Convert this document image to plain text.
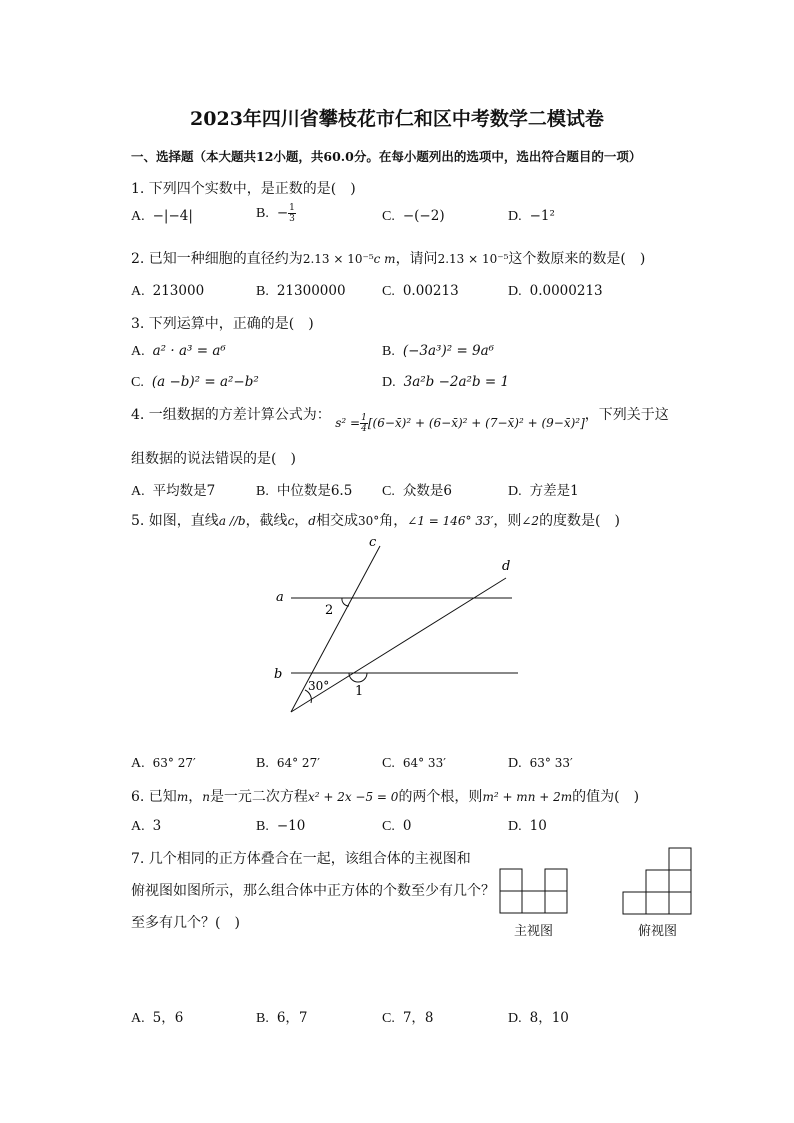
2023年四川省攀枝花市仁和区中考数学二模试卷
一、选择题（本大题共12小题，共60.0分。在每小题列出的选项中，选出符合题目的一项）
1. 下列四个实数中，是正数的是(　)
A. −|−4|	B. − $\frac{1}{3}$	C. −(−2)	D. −1²
2. 已知一种细胞的直径约为2.13 × 10⁻⁵c m，请问2.13 × 10⁻⁵这个数原来的数是(　)
A. 213000	B. 21300000	C. 0.00213	D. 0.0000213
3. 下列运算中，正确的是(　)
A. a² · a³ = a⁶	B. (−3a³)² = 9a⁶
C. (a −b)² = a²−b²	D. 3a²b −2a²b = 1
4. 一组数据的方差计算公式为： $s^2 = \frac{1}{4}$ [(6−x̄)² + (6−x̄)² + (7−x̄)² + (9−x̄)²]，下列关于这
组数据的说法错误的是(　)
A. 平均数是7	B. 中位数是6.5 C. 众数是6	D. 方差是1
5. 如图，直线a //b，截线c，d相交成30°角，∠1 = 146° 33′，则∠2的度数是(　)
a
b
c
d
2
30° 1
A. 63° 27′	B. 64° 27′	C. 64° 33′	D. 63° 33′
6. 已知m，n是一元二次方程x² + 2x −5 = 0的两个根，则m² + mn + 2m的值为(　)
A. 3	B. −10	C. 0	D. 10
7. 几个相同的正方体叠合在一起，该组合体的主视图和
俯视图如图所示，那么组合体中正方体的个数至少有几个？
至多有几个？(　)
主视图	俯视图
A. 5，6	B. 6，7	C. 7，8	D. 8，10
